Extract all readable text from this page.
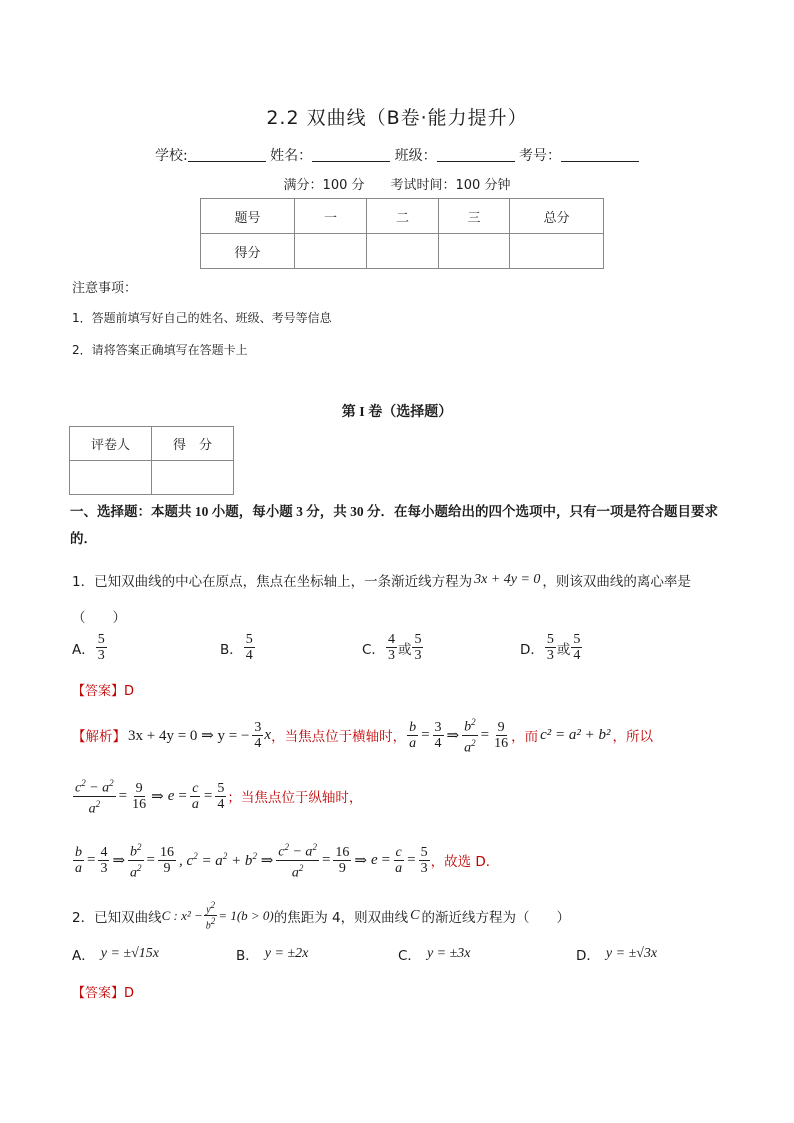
2.2 双曲线（B卷·能力提升）
学校:	姓名：	班级：	考号：
满分：100 分 考试时间：100 分钟
题号	一	二	三	总分
得分				
注意事项：
1．答题前填写好自己的姓名、班级、考号等信息
2．请将答案正确填写在答题卡上
第 I 卷（选择题）
评卷人	得　分

一、选择题：本题共 10 小题，每小题 3 分，共 30 分．在每小题给出的四个选项中，只有一项是符合题目要求的．
1．已知双曲线的中心在原点，焦点在坐标轴上，一条渐近线方程为 3x + 4y = 0 ，则该双曲线的离心率是
（　　）
A． $\frac{5}{3}$	B． $\frac{5}{4}$	C． $\frac{4}{3}$ 或 $\frac{5}{3}$	D． $\frac{5}{3}$ 或 $\frac{5}{4}$
【答案】D
【解析】 3x + 4y = 0 ⇒ y = − $\frac{3}{4}$ x ，当焦点位于横轴时， $\frac{b}{a} = \frac{3}{4}$ ⇒ $\frac{b^2}{a^2} = \frac{9}{16}$ ，而 c² = a² + b² ，所以
$\frac{c^2 - a^2}{a^2} = \frac{9}{16}$ ⇒ $e = \frac{c}{a} = \frac{5}{4}$ ；当焦点位于纵轴时，
$\frac{b}{a} = \frac{4}{3}$ ⇒ $\frac{b^2}{a^2} = \frac{16}{9}$ , $c^2 = a^2 + b^2$ ⇒ $\frac{c^2 - a^2}{a^2} = \frac{16}{9}$ ⇒ $e = \frac{c}{a} = \frac{5}{3}$ ，故选 D．
2．已知双曲线 C : $x^2 - \frac{y^2}{b^2} = 1(b > 0)$ 的焦距为 4，则双曲线 C 的渐近线方程为（　　）
A． y = ±√15x	B． y = ±2x	C． y = ±3x	D． y = ±√3x
【答案】D
